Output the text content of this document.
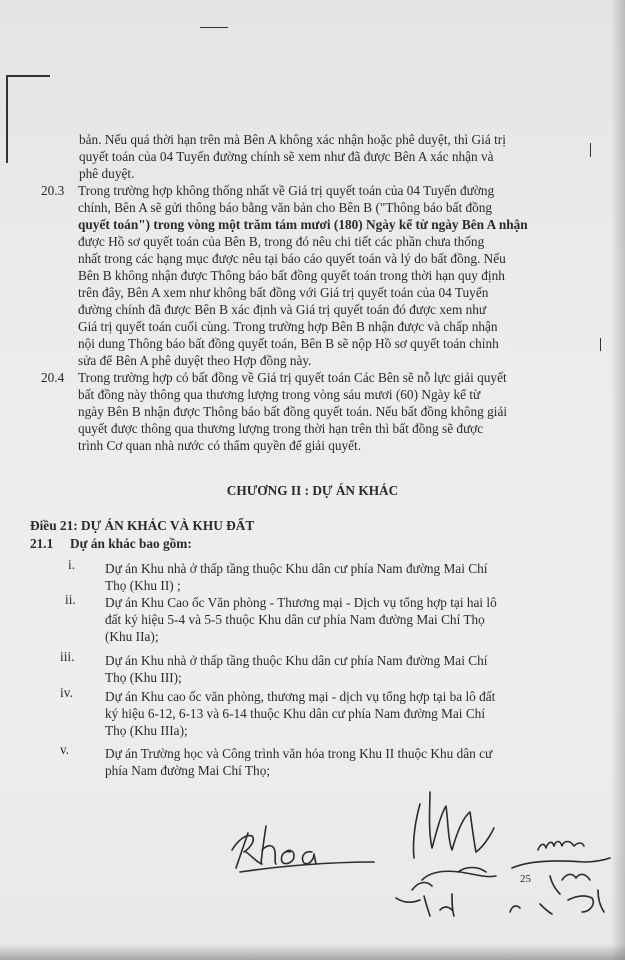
bản. Nếu quá thời hạn trên mà Bên A không xác nhận hoặc phê duyệt, thì Giá trị
quyết toán của 04 Tuyến đường chính sẽ xem như đã được Bên A xác nhận và
phê duyệt.
20.3 Trong trường hợp không thống nhất về Giá trị quyết toán của 04 Tuyến đường
chính, Bên A sẽ gửi thông báo bằng văn bản cho Bên B ("Thông báo bất đồng
quyết toán") trong vòng một trăm tám mươi (180) Ngày kể từ ngày Bên A nhận
được Hồ sơ quyết toán của Bên B, trong đó nêu chi tiết các phần chưa thống
nhất trong các hạng mục được nêu tại báo cáo quyết toán và lý do bất đồng. Nếu
Bên B không nhận được Thông báo bất đồng quyết toán trong thời hạn quy định
trên đây, Bên A xem như không bất đồng với Giá trị quyết toán của 04 Tuyến
đường chính đã được Bên B xác định và Giá trị quyết toán đó được xem như
Giá trị quyết toán cuối cùng. Trong trường hợp Bên B nhận được và chấp nhận
nội dung Thông báo bất đồng quyết toán, Bên B sẽ nộp Hồ sơ quyết toán chỉnh
sửa để Bên A phê duyệt theo Hợp đồng này.
20.4 Trong trường hợp có bất đồng về Giá trị quyết toán Các Bên sẽ nỗ lực giải quyết
bất đồng này thông qua thương lượng trong vòng sáu mươi (60) Ngày kể từ
ngày Bên B nhận được Thông báo bất đồng quyết toán. Nếu bất đồng không giải
quyết được thông qua thương lượng trong thời hạn trên thì bất đồng sẽ được
trình Cơ quan nhà nước có thẩm quyền để giải quyết.
CHƯƠNG II : DỰ ÁN KHÁC
Điều 21: DỰ ÁN KHÁC VÀ KHU ĐẤT
21.1 Dự án khác bao gồm:
i. Dự án Khu nhà ở thấp tầng thuộc Khu dân cư phía Nam đường Mai Chí
Thọ (Khu II) ;
ii. Dự án Khu Cao ốc Văn phòng - Thương mại - Dịch vụ tổng hợp tại hai lô
đất ký hiệu 5-4 và 5-5 thuộc Khu dân cư phía Nam đường Mai Chí Thọ
(Khu IIa);
iii. Dự án Khu nhà ở thấp tầng thuộc Khu dân cư phía Nam đường Mai Chí
Thọ (Khu III);
iv. Dự án Khu cao ốc văn phòng, thương mại - dịch vụ tổng hợp tại ba lô đất
ký hiệu 6-12, 6-13 và 6-14 thuộc Khu dân cư phía Nam đường Mai Chí
Thọ (Khu IIIa);
v.	Dự án Trường học và Công trình văn hóa trong Khu II thuộc Khu dân cư
phía Nam đường Mai Chí Thọ;
25
